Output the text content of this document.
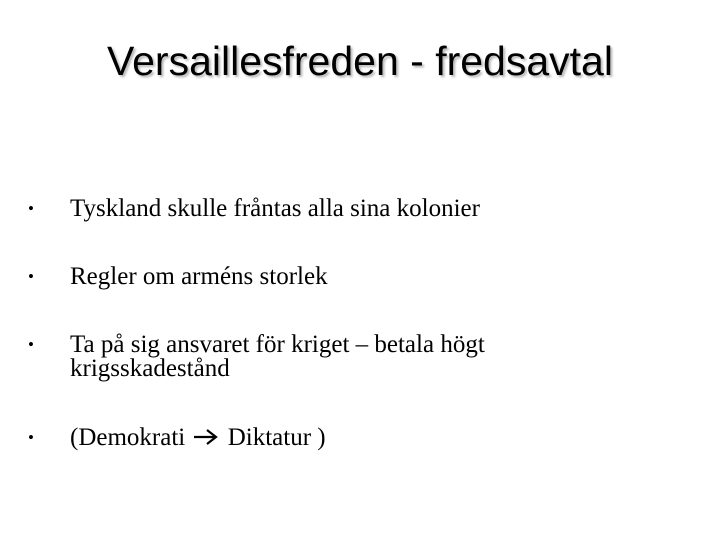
Versaillesfreden - fredsavtal
•	Tyskland skulle fråntas alla sina kolonier
•	Regler om arméns storlek
•	Ta på sig ansvaret för kriget – betala högt krigsskadestånd
•	(Demokrati Diktatur )
